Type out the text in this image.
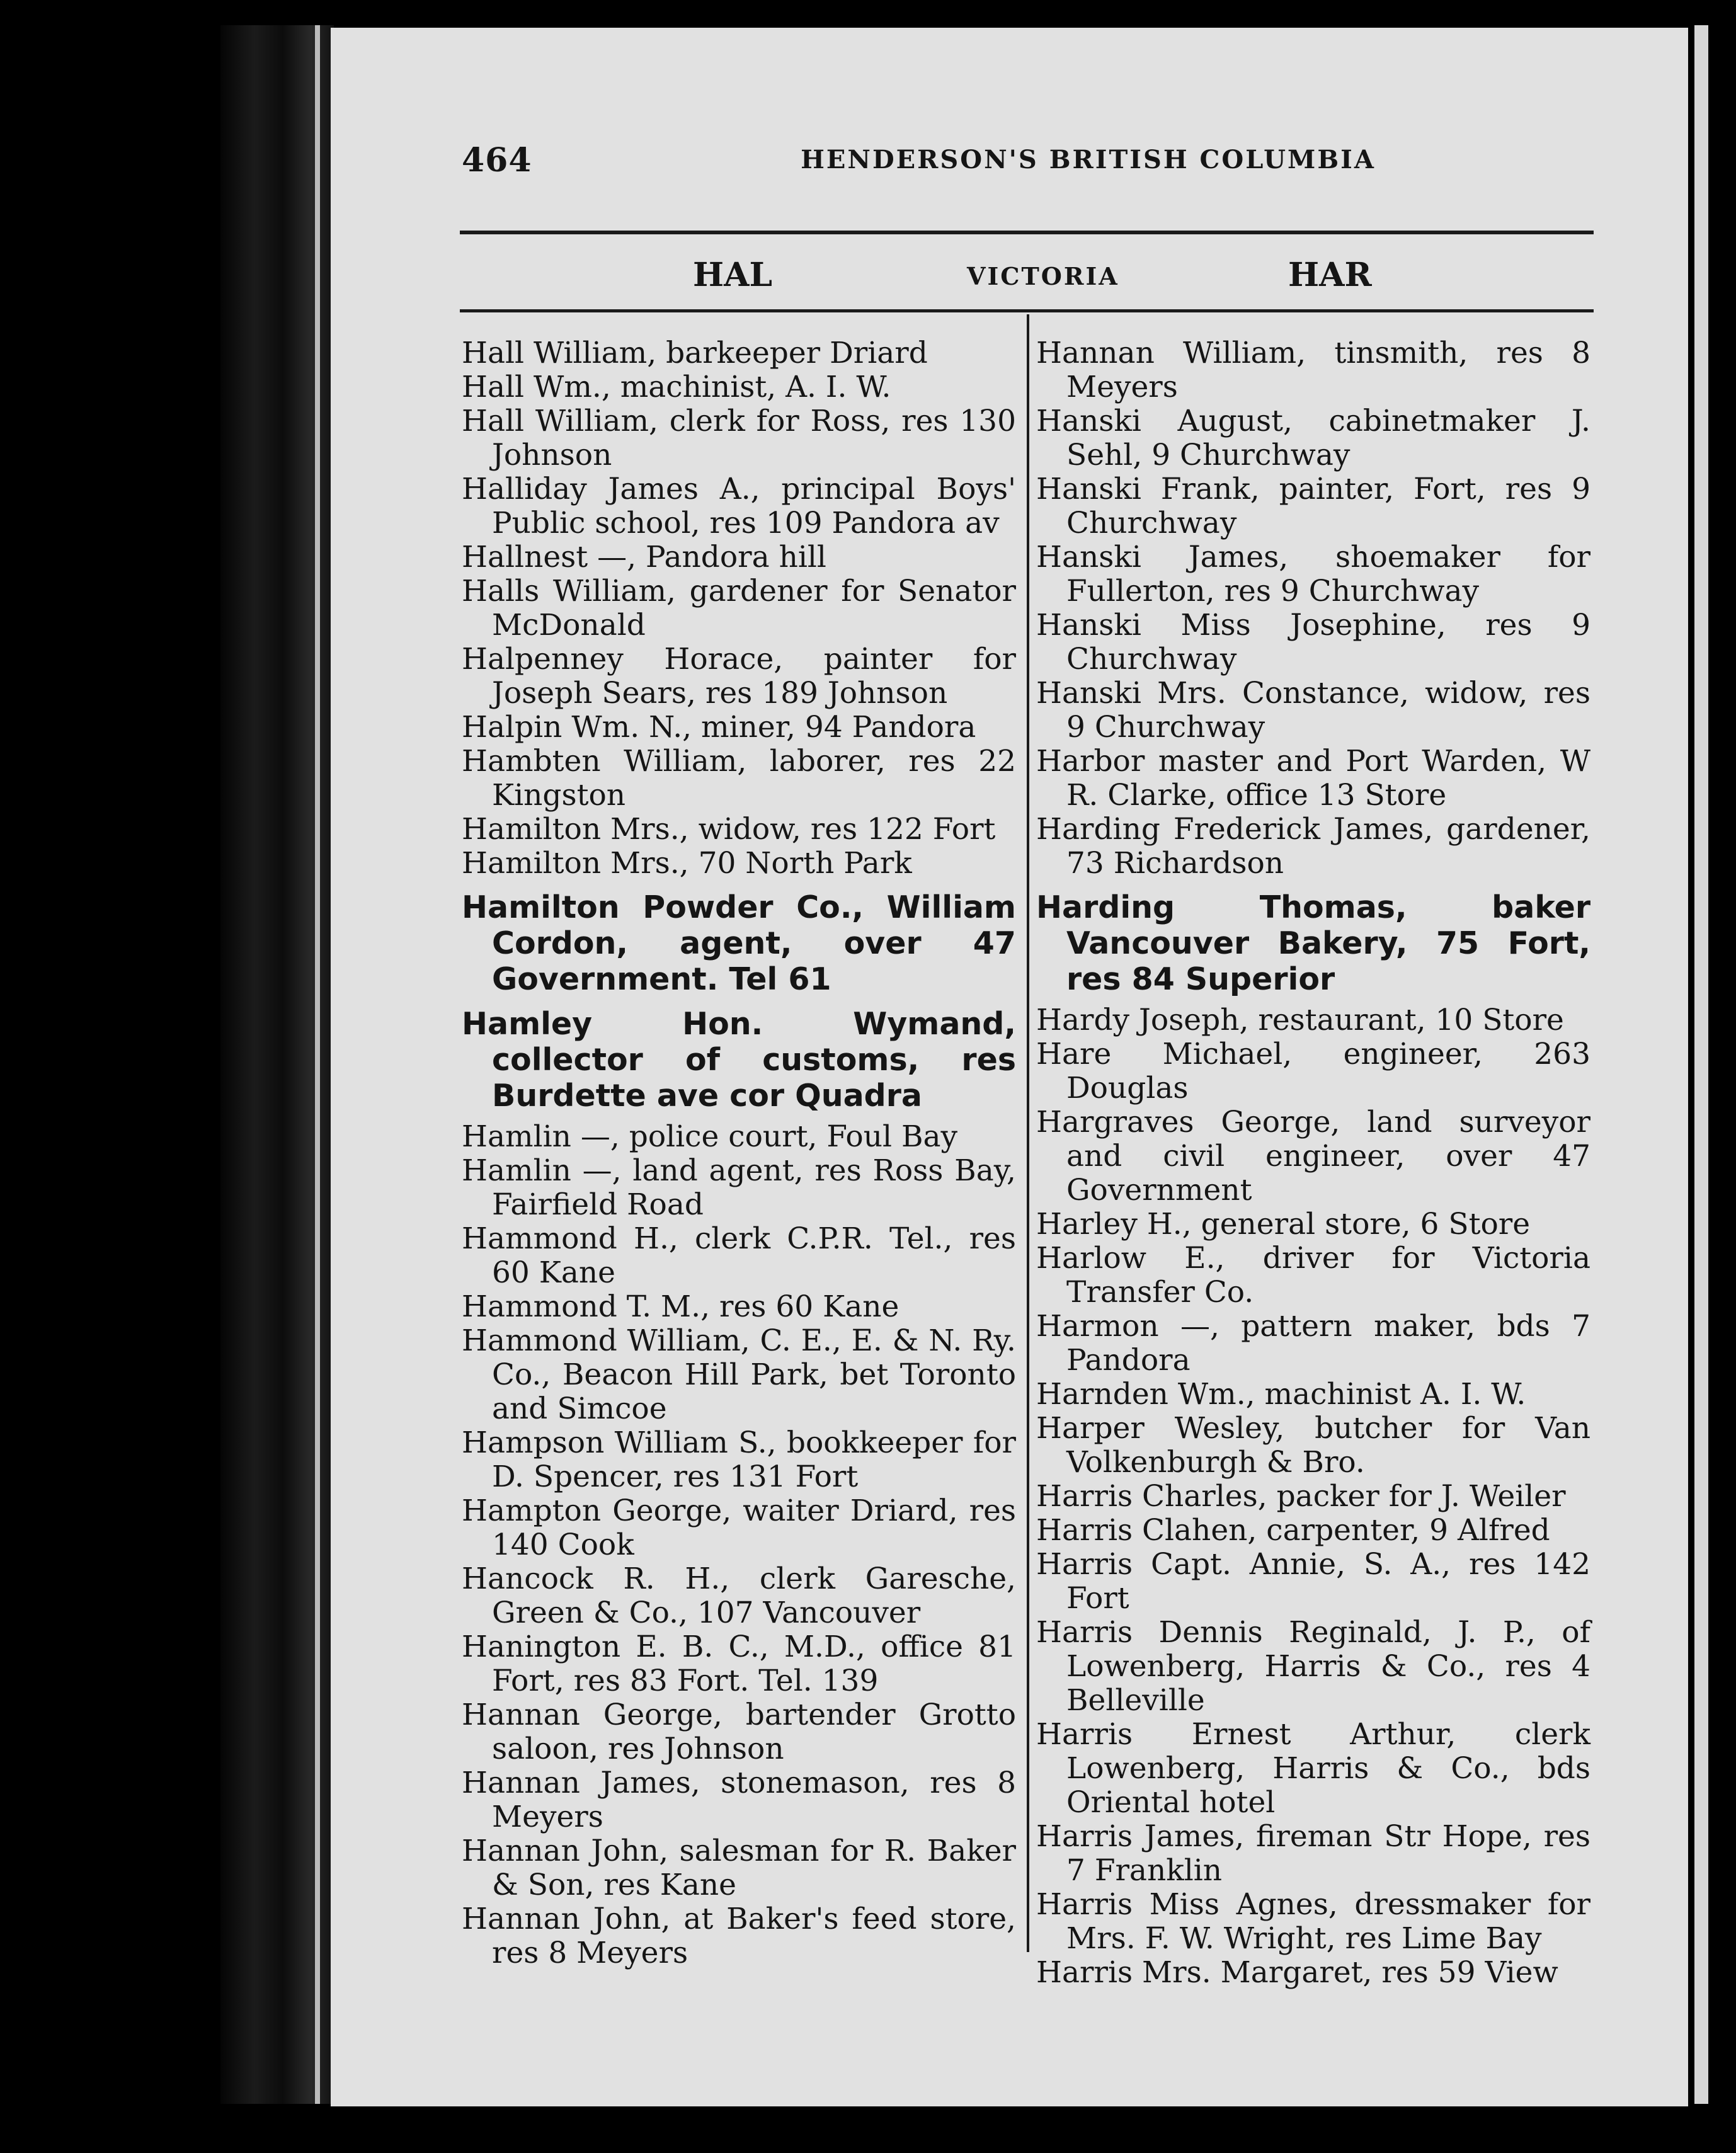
464	HENDERSON'S BRITISH COLUMBIA
HAL	VICTORIA	HAR
Hall William, barkeeper Driard
Hall Wm., machinist, A. I. W.
Hall William, clerk for Ross, res 130 Johnson
Halliday James A., principal Boys' Public school, res 109 Pandora av
Hallnest —, Pandora hill
Halls William, gardener for Senator McDonald
Halpenney Horace, painter for Joseph Sears, res 189 Johnson
Halpin Wm. N., miner, 94 Pandora
Hambten William, laborer, res 22 Kingston
Hamilton Mrs., widow, res 122 Fort
Hamilton Mrs., 70 North Park
Hamilton Powder Co., William Cordon, agent, over 47 Government. Tel 61
Hamley Hon. Wymand, collector of customs, res Burdette ave cor Quadra
Hamlin —, police court, Foul Bay
Hamlin —, land agent, res Ross Bay, Fairfield Road
Hammond H., clerk C.P.R. Tel., res 60 Kane
Hammond T. M., res 60 Kane
Hammond William, C. E., E. & N. Ry. Co., Beacon Hill Park, bet Toronto and Simcoe
Hampson William S., bookkeeper for D. Spencer, res 131 Fort
Hampton George, waiter Driard, res 140 Cook
Hancock R. H., clerk Garesche, Green & Co., 107 Vancouver
Hanington E. B. C., M.D., office 81 Fort, res 83 Fort. Tel. 139
Hannan George, bartender Grotto saloon, res Johnson
Hannan James, stonemason, res 8 Meyers
Hannan John, salesman for R. Baker & Son, res Kane
Hannan John, at Baker's feed store, res 8 Meyers
Hannan William, tinsmith, res 8 Meyers
Hanski August, cabinetmaker J. Sehl, 9 Churchway
Hanski Frank, painter, Fort, res 9 Churchway
Hanski James, shoemaker for Fullerton, res 9 Churchway
Hanski Miss Josephine, res 9 Churchway
Hanski Mrs. Constance, widow, res 9 Churchway
Harbor master and Port Warden, W R. Clarke, office 13 Store
Harding Frederick James, gardener, 73 Richardson
Harding Thomas, baker Vancouver Bakery, 75 Fort, res 84 Superior
Hardy Joseph, restaurant, 10 Store
Hare Michael, engineer, 263 Douglas
Hargraves George, land surveyor and civil engineer, over 47 Government
Harley H., general store, 6 Store
Harlow E., driver for Victoria Transfer Co.
Harmon —, pattern maker, bds 7 Pandora
Harnden Wm., machinist A. I. W.
Harper Wesley, butcher for Van Volkenburgh & Bro.
Harris Charles, packer for J. Weiler
Harris Clahen, carpenter, 9 Alfred
Harris Capt. Annie, S. A., res 142 Fort
Harris Dennis Reginald, J. P., of Lowenberg, Harris & Co., res 4 Belleville
Harris Ernest Arthur, clerk Lowenberg, Harris & Co., bds Oriental hotel
Harris James, fireman Str Hope, res 7 Franklin
Harris Miss Agnes, dressmaker for Mrs. F. W. Wright, res Lime Bay
Harris Mrs. Margaret, res 59 View
